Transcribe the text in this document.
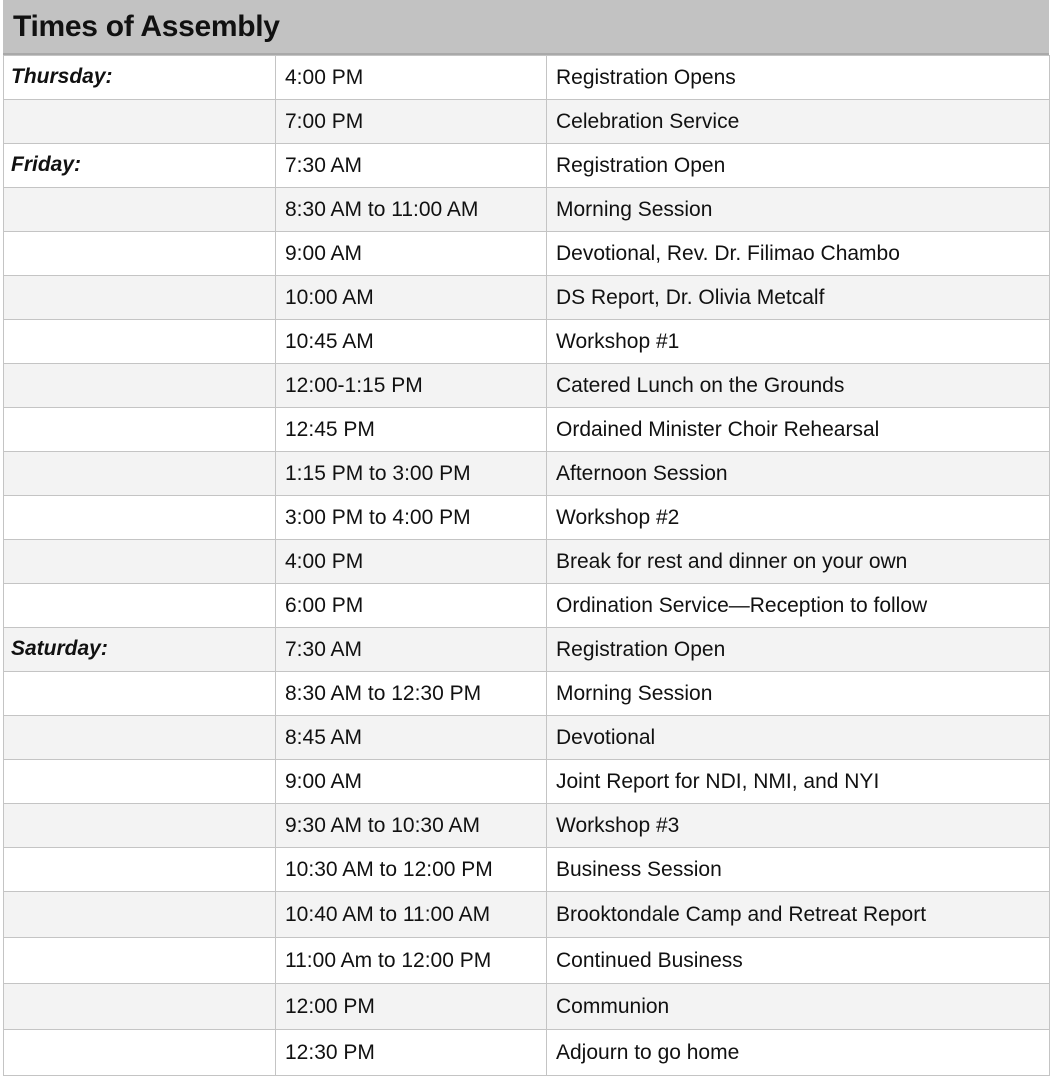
Times of Assembly
Thursday:	4:00 PM	Registration Opens
	7:00 PM	Celebration Service
Friday:	7:30 AM	Registration Open
	8:30 AM to 11:00 AM	Morning Session
	9:00 AM	Devotional, Rev. Dr. Filimao Chambo
	10:00 AM	DS Report, Dr. Olivia Metcalf
	10:45 AM	Workshop #1
	12:00-1:15 PM	Catered Lunch on the Grounds
	12:45 PM	Ordained Minister Choir Rehearsal
	1:15 PM to 3:00 PM	Afternoon Session
	3:00 PM to 4:00 PM	Workshop #2
	4:00 PM	Break for rest and dinner on your own
	6:00 PM	Ordination Service—Reception to follow
Saturday:	7:30 AM	Registration Open
	8:30 AM to 12:30 PM	Morning Session
	8:45 AM	Devotional
	9:00 AM	Joint Report for NDI, NMI, and NYI
	9:30 AM to 10:30 AM	Workshop #3
	10:30 AM to 12:00 PM	Business Session
	10:40 AM to 11:00 AM	Brooktondale Camp and Retreat Report
	11:00 Am to 12:00 PM	Continued Business
	12:00 PM	Communion
	12:30 PM	Adjourn to go home
